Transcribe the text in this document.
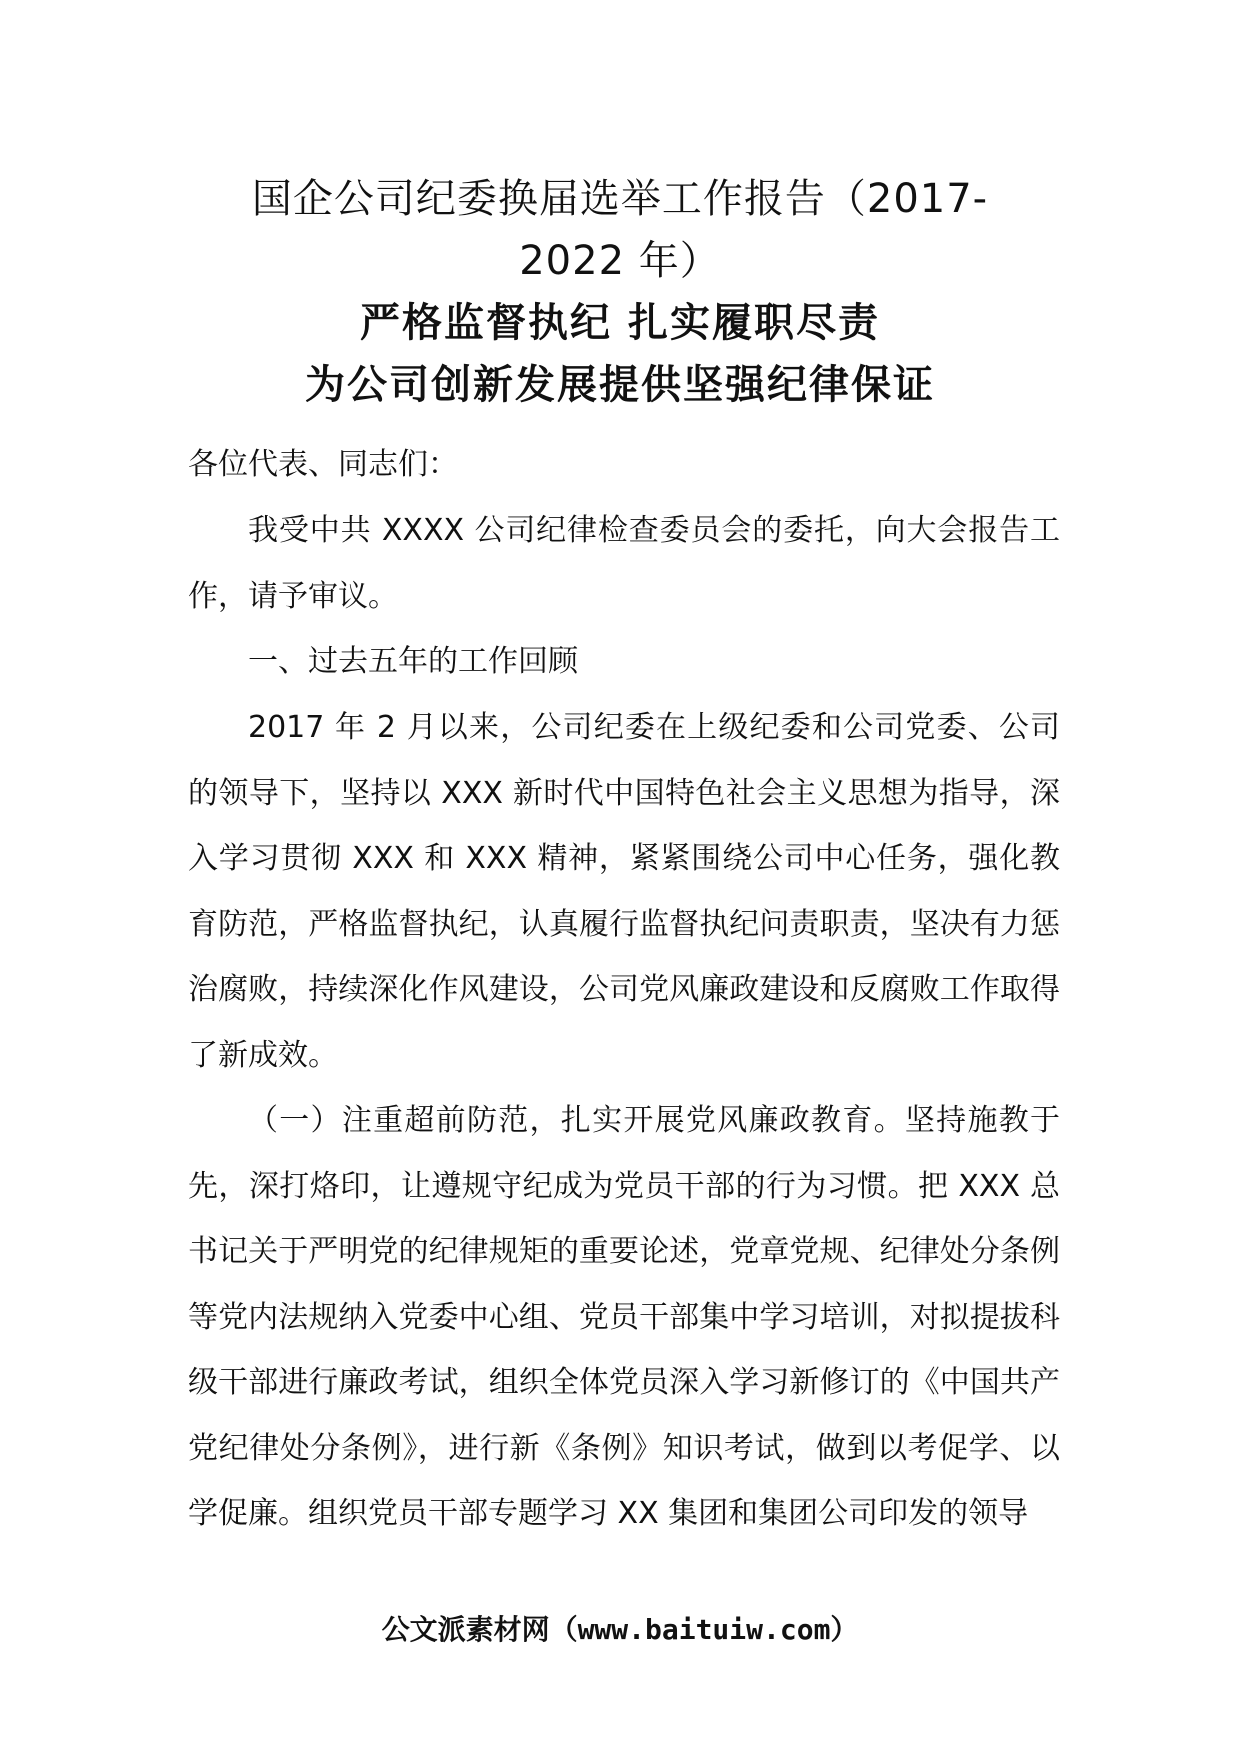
国企公司纪委换届选举工作报告（2017-
2022 年）
严格监督执纪 扎实履职尽责
为公司创新发展提供坚强纪律保证

各位代表、同志们：

我受中共 XXXX 公司纪律检查委员会的委托，向大会报告工作，请予审议。

一、过去五年的工作回顾

2017 年 2 月以来，公司纪委在上级纪委和公司党委、公司的领导下，坚持以 XXX 新时代中国特色社会主义思想为指导，深入学习贯彻 XXX 和 XXX 精神，紧紧围绕公司中心任务，强化教育防范，严格监督执纪，认真履行监督执纪问责职责，坚决有力惩治腐败，持续深化作风建设，公司党风廉政建设和反腐败工作取得了新成效。

（一）注重超前防范，扎实开展党风廉政教育。坚持施教于先，深打烙印，让遵规守纪成为党员干部的行为习惯。把 XXX 总书记关于严明党的纪律规矩的重要论述，党章党规、纪律处分条例等党内法规纳入党委中心组、党员干部集中学习培训，对拟提拔科级干部进行廉政考试，组织全体党员深入学习新修订的《中国共产党纪律处分条例》，进行新《条例》知识考试，做到以考促学、以学促廉。组织党员干部专题学习 XX 集团和集团公司印发的领导

公文派素材网（www.baituiw.com）
